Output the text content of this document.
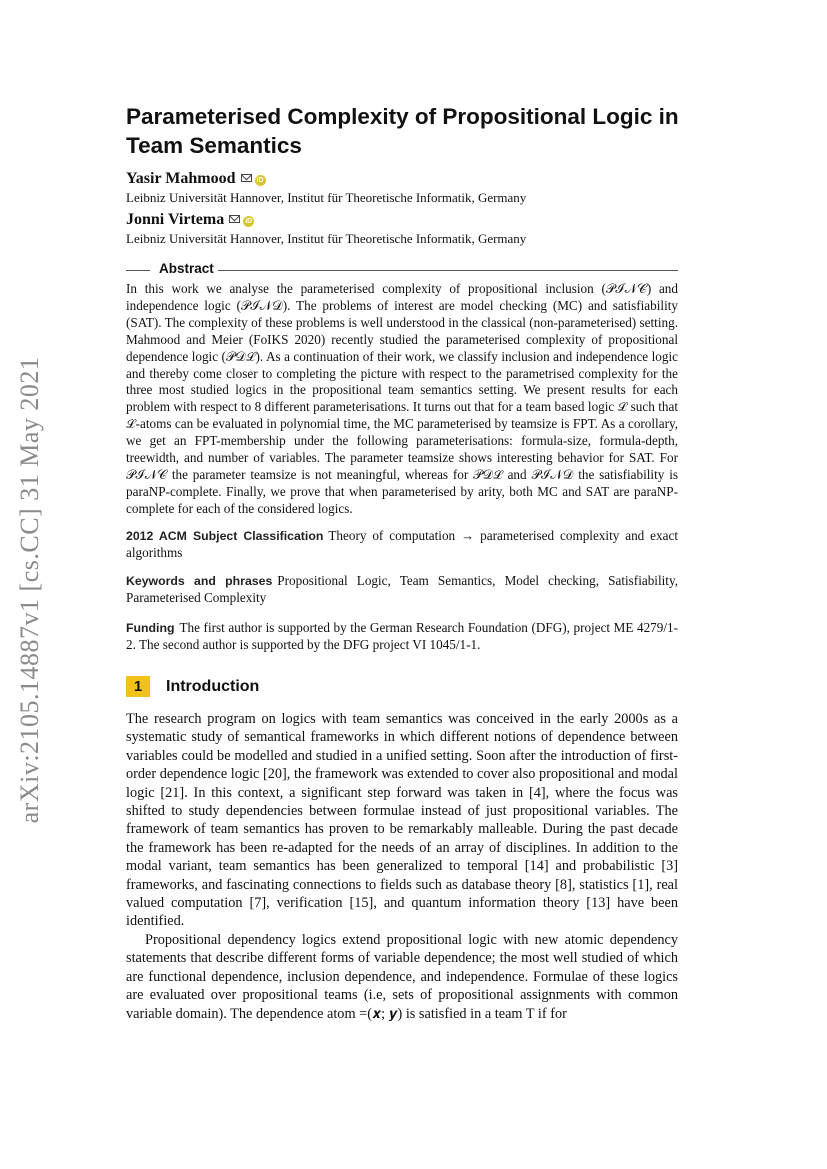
arXiv:2105.14887v1 [cs.CC] 31 May 2021
Parameterised Complexity of Propositional Logic in Team Semantics
Yasir Mahmood	iD
Leibniz Universität Hannover, Institut für Theoretische Informatik, Germany
Jonni Virtema	iD
Leibniz Universität Hannover, Institut für Theoretische Informatik, Germany
Abstract

In this work we analyse the parameterised complexity of propositional inclusion (𝒫ℐ𝒩𝒞) and independence logic (𝒫ℐ𝒩𝒟). The problems of interest are model checking (MC) and satisfiability (SAT). The complexity of these problems is well understood in the classical (non-parameterised) setting. Mahmood and Meier (FoIKS 2020) recently studied the parameterised complexity of propositional dependence logic (𝒫𝒟ℒ). As a continuation of their work, we classify inclusion and independence logic and thereby come closer to completing the picture with respect to the parametrised complexity for the three most studied logics in the propositional team semantics setting. We present results for each problem with respect to 8 different parameterisations. It turns out that for a team based logic ℒ such that ℒ-atoms can be evaluated in polynomial time, the MC parameterised by teamsize is FPT. As a corollary, we get an FPT-membership under the following parameterisations: formula-size, formula-depth, treewidth, and number of variables. The parameter teamsize shows interesting behavior for SAT. For 𝒫ℐ𝒩𝒞 the parameter teamsize is not meaningful, whereas for 𝒫𝒟ℒ and 𝒫ℐ𝒩𝒟 the satisfiability is paraNP-complete. Finally, we prove that when parameterised by arity, both MC and SAT are paraNP-complete for each of the considered logics.

2012 ACM Subject Classification Theory of computation → parameterised complexity and exact algorithms
Keywords and phrases Propositional Logic, Team Semantics, Model checking, Satisfiability, Parameterised Complexity
Funding The first author is supported by the German Research Foundation (DFG), project ME 4279/1-2. The second author is supported by the DFG project VI 1045/1-1.
1	Introduction

The research program on logics with team semantics was conceived in the early 2000s as a systematic study of semantical frameworks in which different notions of dependence between variables could be modelled and studied in a unified setting. Soon after the introduction of first-order dependence logic [20], the framework was extended to cover also propositional and modal logic [21]. In this context, a significant step forward was taken in [4], where the focus was shifted to study dependencies between formulae instead of just propositional variables. The framework of team semantics has proven to be remarkably malleable. During the past decade the framework has been re-adapted for the needs of an array of disciplines. In addition to the modal variant, team semantics has been generalized to temporal [14] and probabilistic [3] frameworks, and fascinating connections to fields such as database theory [8], statistics [1], real valued computation [7], verification [15], and quantum information theory [13] have been identified.

Propositional dependency logics extend propositional logic with new atomic dependency statements that describe different forms of variable dependence; the most well studied of which are functional dependence, inclusion dependence, and independence. Formulae of these logics are evaluated over propositional teams (i.e, sets of propositional assignments with common variable domain). The dependence atom =(𝒙; 𝒚) is satisfied in a team T if for
